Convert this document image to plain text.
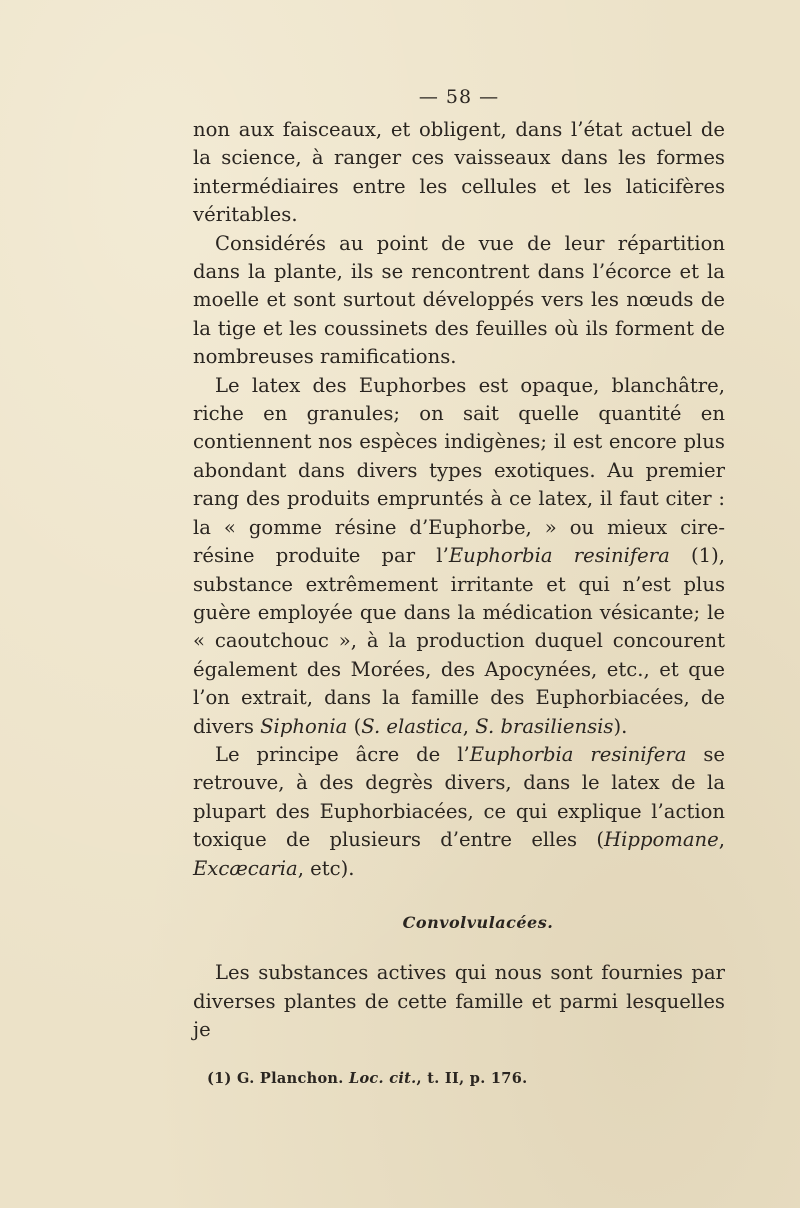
— 58 —

non aux faisceaux, et obligent, dans l’état actuel de la science, à ranger ces vaisseaux dans les formes intermédiaires entre les cellules et les laticifères véritables.

Considérés au point de vue de leur répartition dans la plante, ils se rencontrent dans l’écorce et la moelle et sont surtout développés vers les nœuds de la tige et les coussinets des feuilles où ils forment de nombreuses ramifications.

Le latex des Euphorbes est opaque, blanchâtre, riche en granules; on sait quelle quantité en contiennent nos espèces indigènes; il est encore plus abondant dans divers types exotiques. Au premier rang des produits empruntés à ce latex, il faut citer : la « gomme résine d’Euphorbe, » ou mieux cire-résine produite par l’Euphorbia resinifera (1), substance extrêmement irritante et qui n’est plus guère employée que dans la médication vésicante; le « caoutchouc », à la production duquel concourent également des Morées, des Apocynées, etc., et que l’on extrait, dans la famille des Euphorbiacées, de divers Siphonia (S. elastica, S. brasiliensis).

Le principe âcre de l’Euphorbia resinifera se retrouve, à des degrès divers, dans le latex de la plupart des Euphorbiacées, ce qui explique l’action toxique de plusieurs d’entre elles (Hippomane, Excæcaria, etc).

Convolvulacées.

Les substances actives qui nous sont fournies par diverses plantes de cette famille et parmi lesquelles je

(1) G. Planchon. Loc. cit., t. II, p. 176.
